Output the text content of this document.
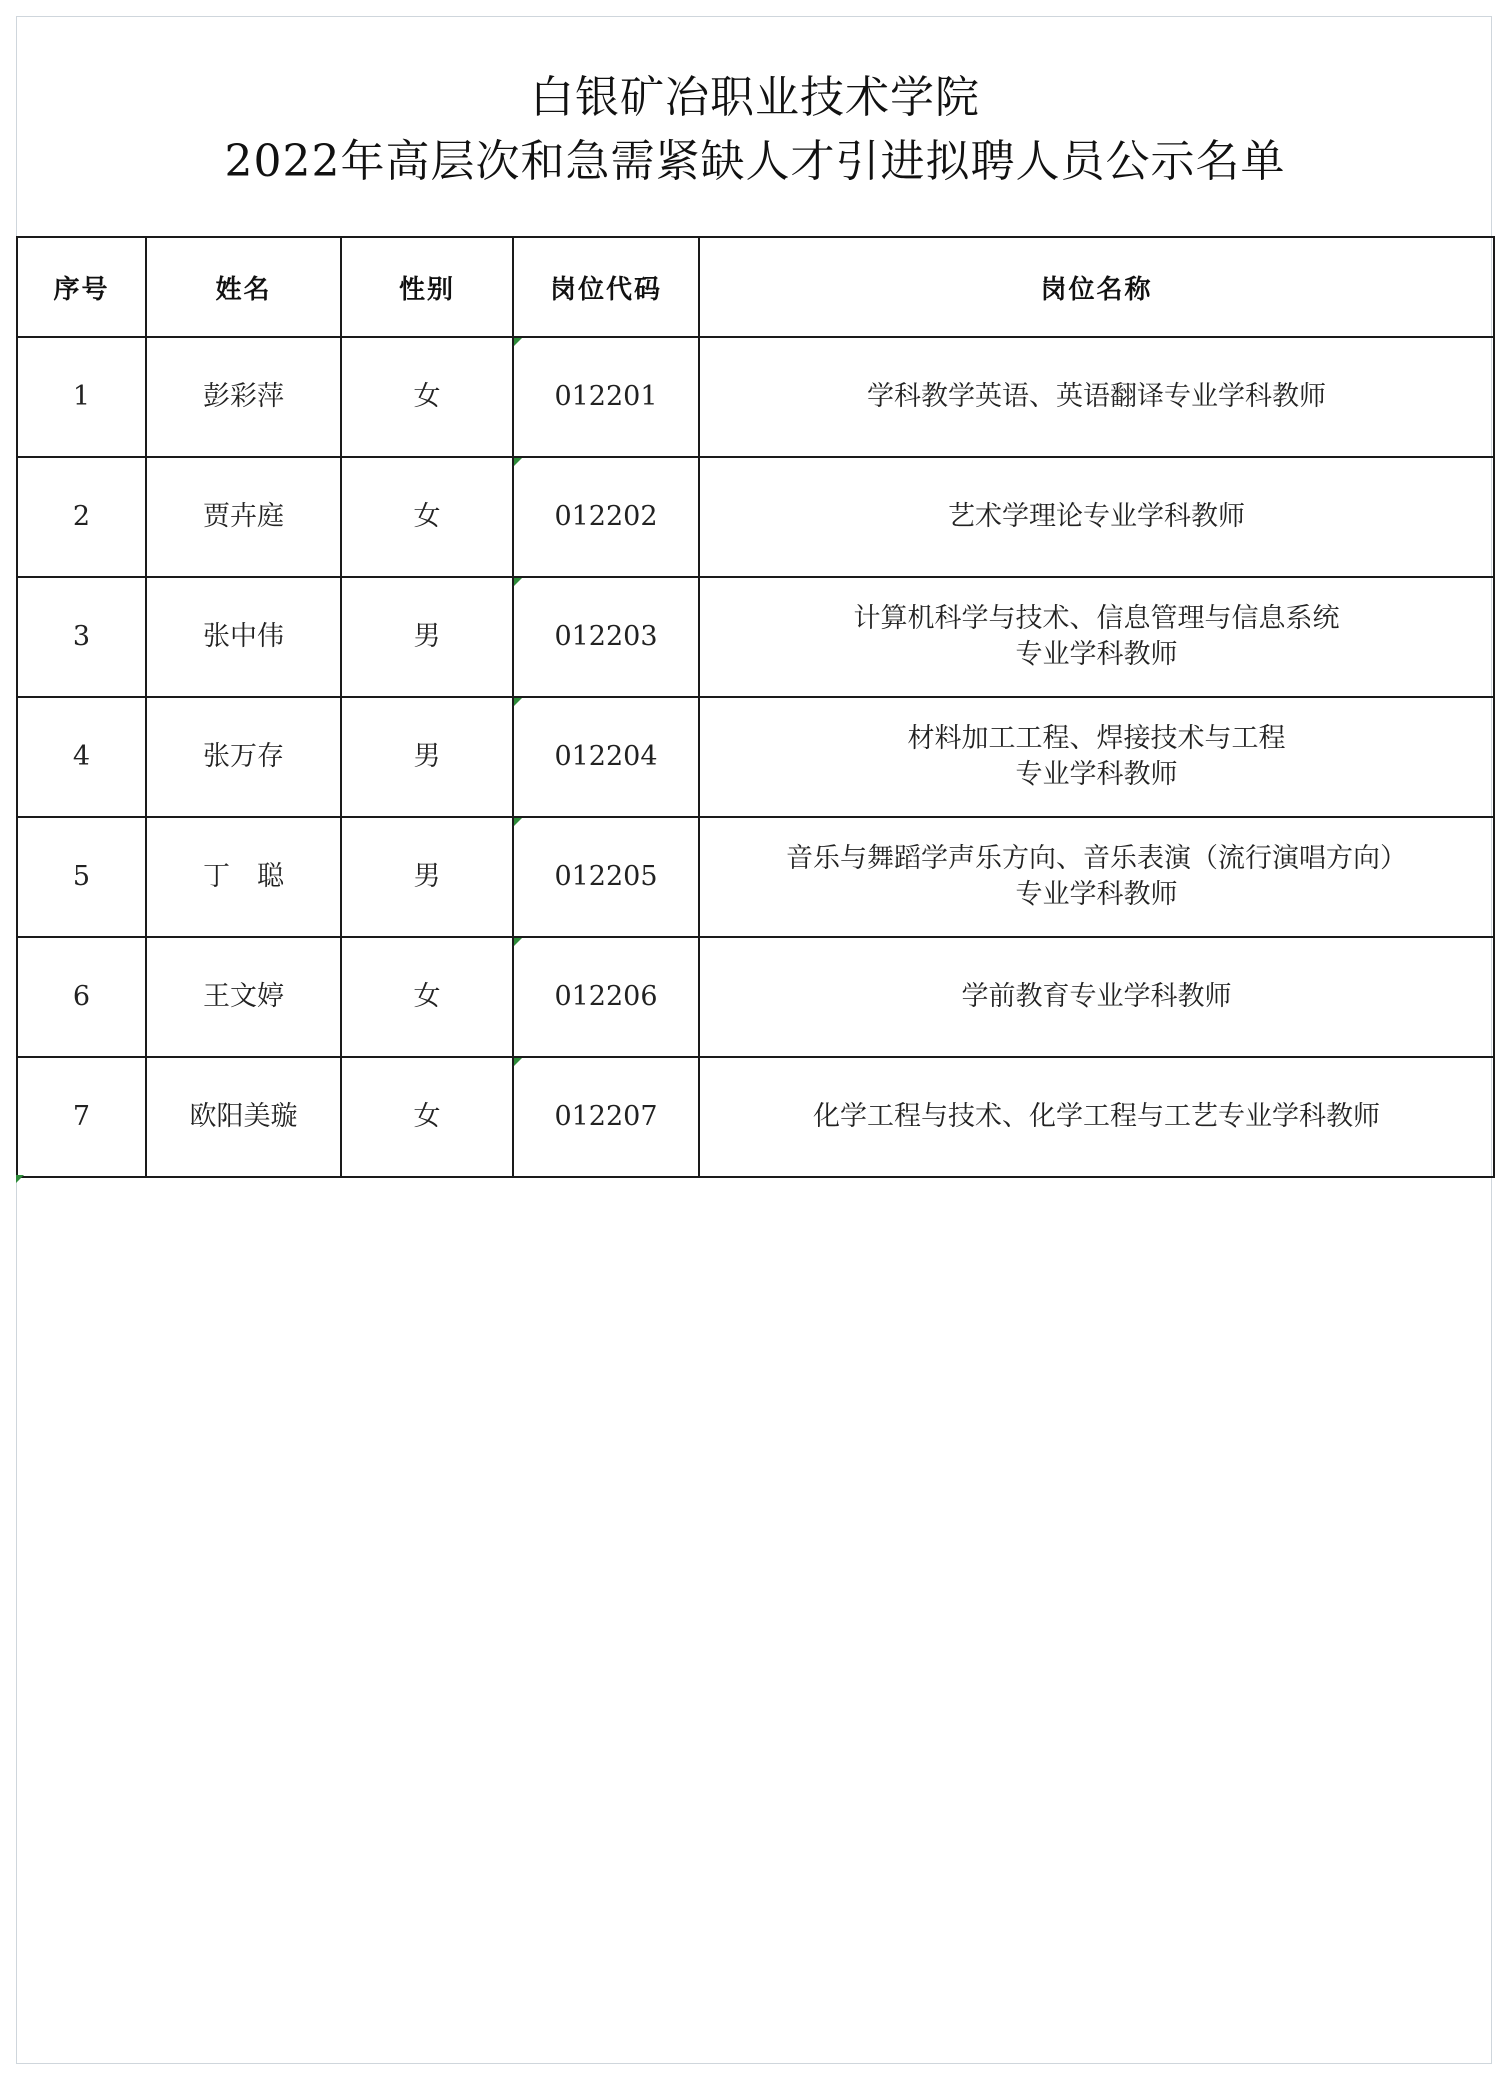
白银矿冶职业技术学院
2022年高层次和急需紧缺人才引进拟聘人员公示名单
序号	姓名	性别	岗位代码	岗位名称
1	彭彩萍	女	012201	学科教学英语、英语翻译专业学科教师

2	贾卉庭	女	012202	艺术学理论专业学科教师

3	张中伟	男	012203	计算机科学与技术、信息管理与信息系统
专业学科教师

4	张万存	男	012204	材料加工工程、焊接技术与工程
专业学科教师

5	丁　聪	男	012205	音乐与舞蹈学声乐方向、音乐表演（流行演唱方向）
专业学科教师

6	王文婷	女	012206	学前教育专业学科教师

7	欧阳美璇	女	012207	化学工程与技术、化学工程与工艺专业学科教师
